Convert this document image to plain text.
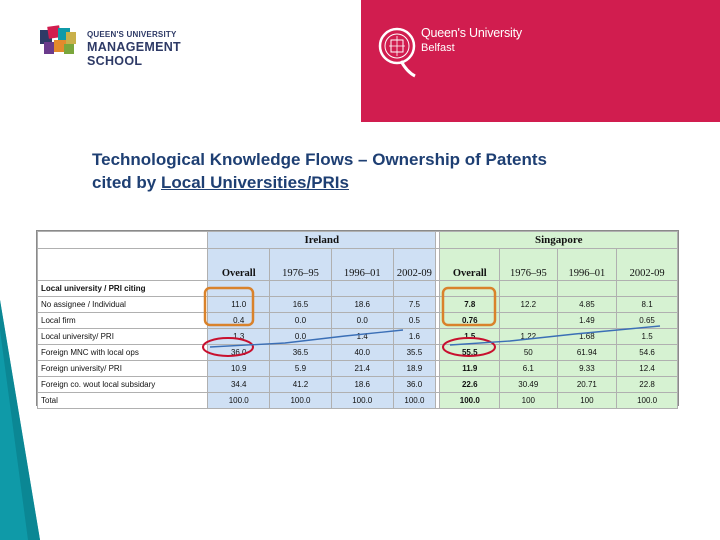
QUEEN'S UNIVERSITY
MANAGEMENT
SCHOOL
Queen's University
Belfast
Technological Knowledge Flows – Ownership of Patents
cited by Local Universities/PRIs
	Ireland					Singapore			
	Overall	1976–95	1996–01	2002-09		Overall	1976–95	1996–01	2002-09
Local university / PRI citing									
No assignee / Individual	11.0	16.5	18.6	7.5		7.8	12.2	4.85	8.1
Local firm	0.4	0.0	0.0	0.5		0.76		1.49	0.65
Local university/ PRI	1.3	0.0	1.4	1.6		1.5	1.22	1.68	1.5
Foreign MNC with local ops	36.0	36.5	40.0	35.5		55.5	50	61.94	54.6
Foreign university/ PRI	10.9	5.9	21.4	18.9		11.9	6.1	9.33	12.4
Foreign co. wout local subsidary	34.4	41.2	18.6	36.0		22.6	30.49	20.71	22.8
Total	100.0	100.0	100.0	100.0		100.0	100	100	100.0
